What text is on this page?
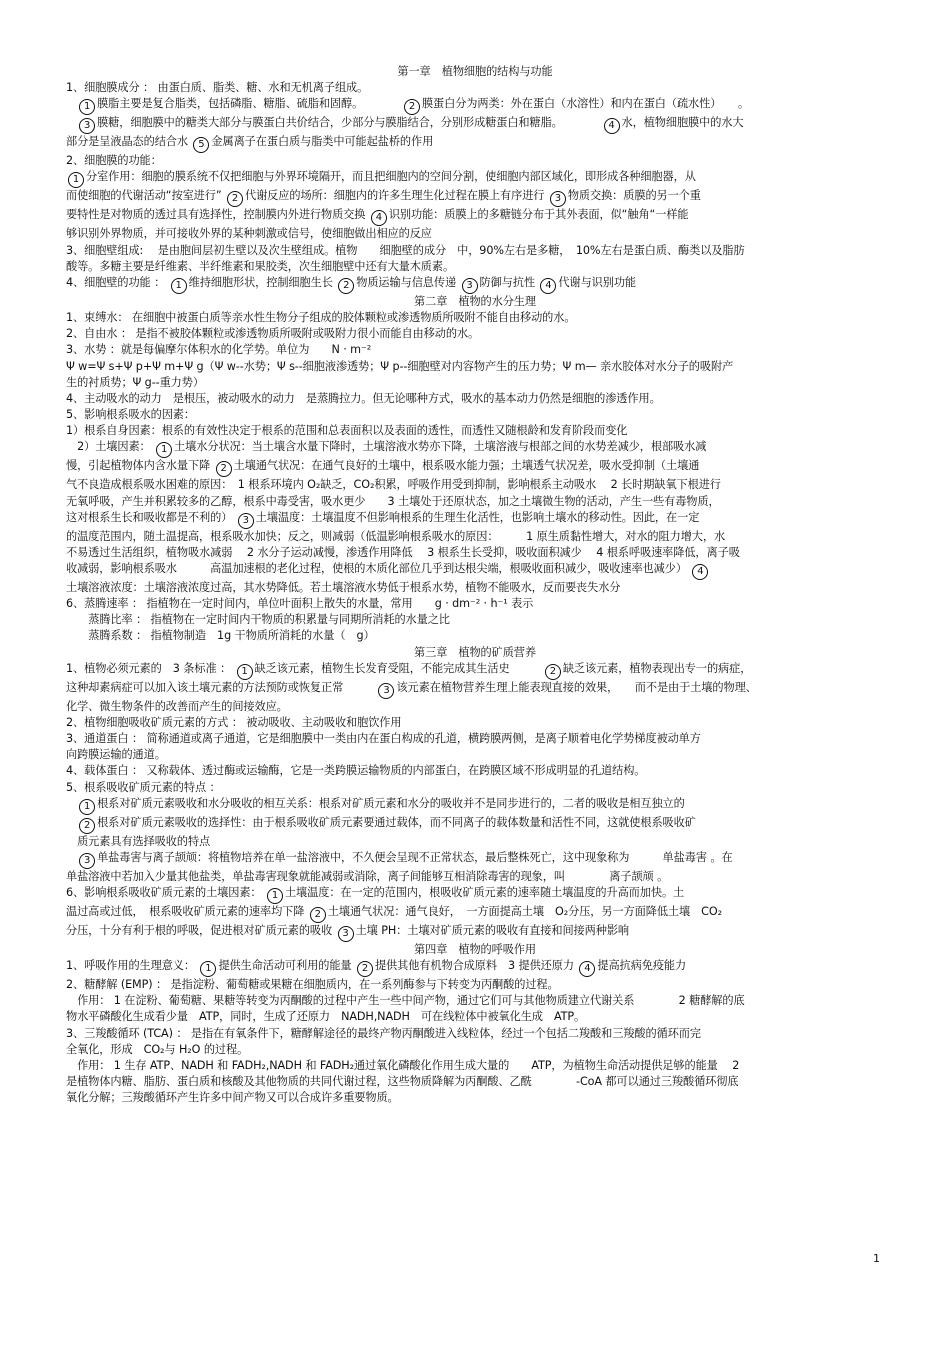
第一章　植物细胞的结构与功能
1、细胞膜成分 ： 由蛋白质、脂类、糖、水和无机离子组成。
　1 膜脂主要是复合脂类，包括磷脂、糖脂、硫脂和固醇。　　　　2 膜蛋白分为两类：外在蛋白（水溶性）和内在蛋白（疏水性）　　。
　3 膜糖，细胞膜中的糖类大部分与膜蛋白共价结合，少部分与膜脂结合，分别形成糖蛋白和糖脂。　　　　4 水，植物细胞膜中的水大
部分是呈液晶态的结合水 5 金属离子在蛋白质与脂类中可能起盐桥的作用
2、细胞膜的功能：
1 分室作用：细胞的膜系统不仅把细胞与外界环境隔开，而且把细胞内的空间分割，使细胞内部区域化，即形成各种细胞器，从
而使细胞的代谢活动“按室进行” 2 代谢反应的场所：细胞内的许多生理生化过程在膜上有序进行 3 物质交换：质膜的另一个重
要特性是对物质的透过具有选择性，控制膜内外进行物质交换 4 识别功能：质膜上的多糖链分布于其外表面，似“触角“一样能
够识别外界物质，并可接收外界的某种刺激或信号，使细胞做出相应的反应
3、细胞壁组成:　 是由胞间层初生壁以及次生壁组成。植物　　细胞壁的成分　中，90%左右是多糖，　10%左右是蛋白质、酶类以及脂肪
酸等。多糖主要是纤维素、半纤维素和果胶类，次生细胞壁中还有大量木质素。
4、细胞壁的功能 ： 1 维持细胞形状，控制细胞生长 2 物质运输与信息传递 3 防御与抗性 4 代谢与识别功能
第二章　植物的水分生理
1、束缚水： 在细胞中被蛋白质等亲水性生物分子组成的胶体颗粒或渗透物质所吸附不能自由移动的水。
2、自由水 ： 是指不被胶体颗粒或渗透物质所吸附或吸附力很小而能自由移动的水。
3、水势 ：就是每偏摩尔体积水的化学势。单位为　　N · m⁻²
Ψ w=Ψ s+Ψ p+Ψ m+Ψ g（Ψ w--水势；Ψ s--细胞液渗透势；Ψ p--细胞壁对内容物产生的压力势；Ψ m— 亲水胶体对水分子的吸附产
生的衬质势；Ψ g--重力势）
4、主动吸水的动力　是根压，被动吸水的动力　是蒸腾拉力。但无论哪种方式，吸水的基本动力仍然是细胞的渗透作用。
5、影响根系吸水的因素：
1）根系自身因素：根系的有效性决定于根系的范围和总表面积以及表面的透性，而透性又随根龄和发育阶段而变化
　2）土壤因素： 1 土壤水分状况：当土壤含水量下降时，土壤溶液水势亦下降，土壤溶液与根部之间的水势差减少，根部吸水减
慢，引起植物体内含水量下降 2 土壤通气状况：在通气良好的土壤中，根系吸水能力强；土壤透气状况差，吸水受抑制（土壤通
气不良造成根系吸水困难的原因：　1 根系环境内 O₂缺乏，CO₂积累，呼吸作用受到抑制，影响根系主动吸水　 2 长时期缺氧下根进行
无氧呼吸，产生并积累较多的乙醇，根系中毒受害，吸水更少　　3 土壤处于还原状态，加之土壤微生物的活动，产生一些有毒物质，
这对根系生长和吸收都是不利的） 3 土壤温度：土壤温度不但影响根系的生理生化活性，也影响土壤水的移动性。因此，在一定
的温度范围内，随土温提高，根系吸水加快；反之，则减弱（低温影响根系吸水的原因：　　　1 原生质黏性增大，对水的阻力增大，水
不易透过生活组织，植物吸水减弱　 2 水分子运动减慢，渗透作用降低　 3 根系生长受抑，吸收面积减少　 4 根系呼吸速率降低，离子吸
收减弱，影响根系吸水　　　高温加速根的老化过程，使根的木质化部位几乎到达根尖端，根吸收面积减少，吸收速率也减少） 4
土壤溶液浓度：土壤溶液浓度过高，其水势降低。若土壤溶液水势低于根系水势，植物不能吸水，反而要丧失水分
6、蒸腾速率 ： 指植物在一定时间内，单位叶面积上散失的水量，常用　　g · dm⁻² · h⁻¹ 表示
　　蒸腾比率 ： 指植物在一定时间内干物质的积累量与同期所消耗的水量之比
　　蒸腾系数 ： 指植物制造　1g 干物质所消耗的水量（　g）
第三章　植物的矿质营养
1、植物必须元素的　3 条标准 ： 1 缺乏该元素，植物生长发育受阻，不能完成其生活史　　　2 缺乏该元素，植物表现出专一的病症，
这种却素病症可以加入该土壤元素的方法预防或恢复正常　　　3 该元素在植物营养生理上能表现直接的效果，　　而不是由于土壤的物理、
化学、微生物条件的改善而产生的间接效应。
2、植物细胞吸收矿质元素的方式 ： 被动吸收、主动吸收和胞饮作用
3、通道蛋白 ： 简称通道或离子通道，它是细胞膜中一类由内在蛋白构成的孔道，横跨膜两侧，是离子顺着电化学势梯度被动单方
向跨膜运输的通道。
4、载体蛋白 ： 又称载体、透过酶或运输酶，它是一类跨膜运输物质的内部蛋白，在跨膜区域不形成明显的孔道结构。
5、根系吸收矿质元素的特点 ：
　1 根系对矿质元素吸收和水分吸收的相互关系：根系对矿质元素和水分的吸收并不是同步进行的，二者的吸收是相互独立的
　2 根系对矿质元素吸收的选择性：由于根系吸收矿质元素要通过载体，而不同离子的载体数量和活性不同，这就使根系吸收矿
　质元素具有选择吸收的特点
　3 单盐毒害与离子颉颃：将植物培养在单一盐溶液中，不久便会呈现不正常状态，最后整株死亡，这中现象称为　　　单盐毒害 。在
单盐溶液中若加入少量其他盐类，单盐毒害现象就能减弱或消除，离子间能够互相消除毒害的现象，叫　　　　离子颉颃 。
6、影响根系吸收矿质元素的土壤因素： 1 土壤温度：在一定的范围内，根吸收矿质元素的速率随土壤温度的升高而加快。土
温过高或过低，　根系吸收矿质元素的速率均下降 2 土壤通气状况：通气良好，　一方面提高土壤　O₂分压，另一方面降低土壤　CO₂
分压，十分有利于根的呼吸，促进根对矿质元素的吸收 3 土壤 PH：土壤对矿质元素的吸收有直接和间接两种影响
第四章　植物的呼吸作用
1、呼吸作用的生理意义： 1 提供生命活动可利用的能量 2 提供其他有机物合成原料　3 提供还原力 4 提高抗病免疫能力
2、糖酵解 (EMP) ： 是指淀粉、葡萄糖或果糖在细胞质内，在一系列酶参与下转变为丙酮酸的过程。
　作用： 1 在淀粉、葡萄糖、果糖等转变为丙酮酸的过程中产生一些中间产物，通过它们可与其他物质建立代谢关系　　　　2 糖酵解的底
物水平磷酸化生成看少量　ATP，同时，生成了还原力　NADH,NADH　可在线粒体中被氧化生成　ATP。
3、三羧酸循环 (TCA) ： 是指在有氧条件下，糖酵解途径的最终产物丙酮酸进入线粒体，经过一个包括二羧酸和三羧酸的循环而完
全氧化，形成　CO₂与 H₂O 的过程。
　作用： 1 生存 ATP、NADH 和 FADH₂,NADH 和 FADH₂通过氧化磷酸化作用生成大量的　　ATP，为植物生命活动提供足够的能量　 2
是植物体内糖、脂肪、蛋白质和核酸及其他物质的共同代谢过程，这些物质降解为丙酮酸、乙酰　　　　-CoA 都可以通过三羧酸循环彻底
氧化分解；三羧酸循环产生许多中间产物又可以合成许多重要物质。
1
